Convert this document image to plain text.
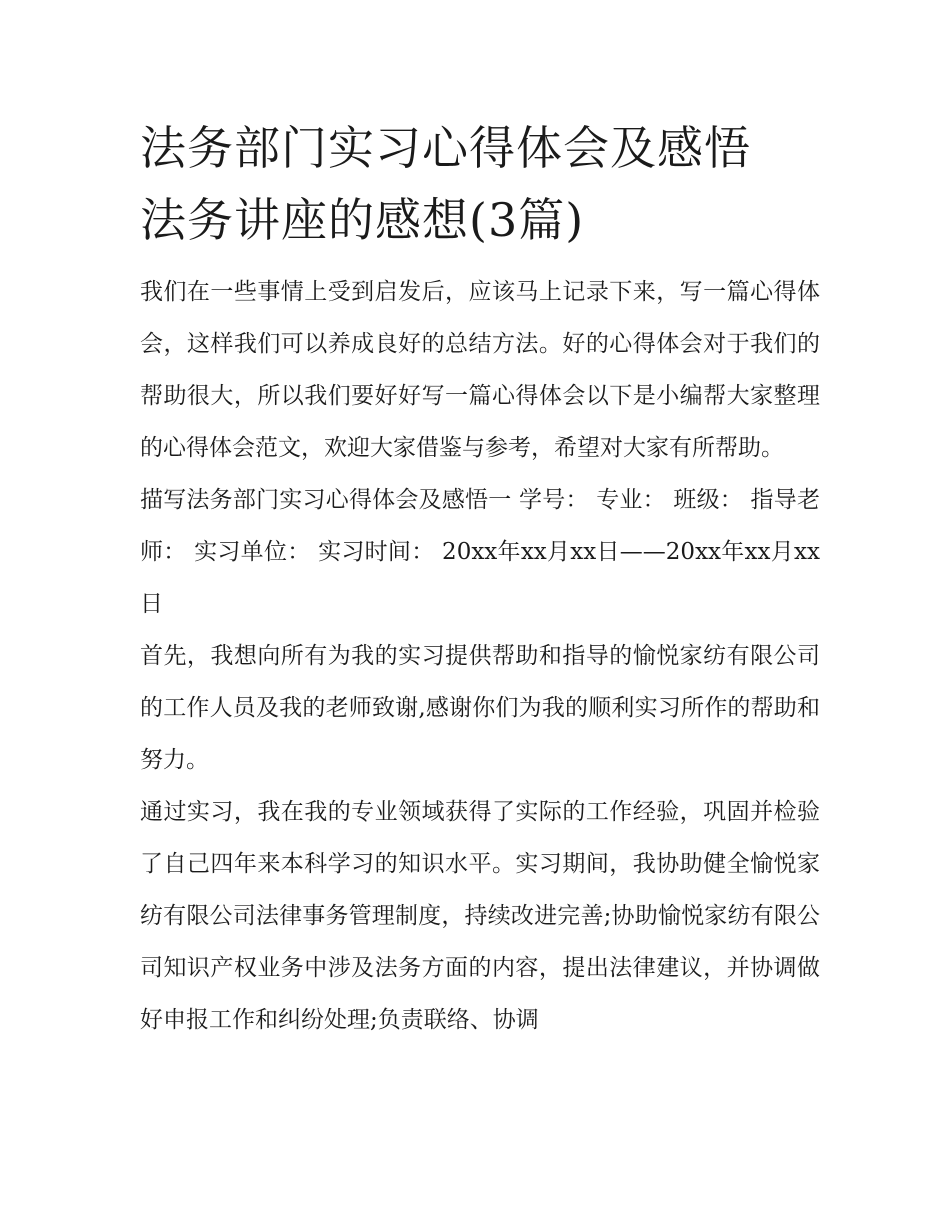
法务部门实习心得体会及感悟
法务讲座的感想(3篇)

我们在一些事情上受到启发后，应该马上记录下来，写一篇心得体会，这样我们可以养成良好的总结方法。好的心得体会对于我们的帮助很大，所以我们要好好写一篇心得体会以下是小编帮大家整理的心得体会范文，欢迎大家借鉴与参考，希望对大家有所帮助。

描写法务部门实习心得体会及感悟一 学号： 专业： 班级： 指导老师： 实习单位： 实习时间： 20xx年xx月xx日——20xx年xx月xx日

首先，我想向所有为我的实习提供帮助和指导的愉悦家纺有限公司的工作人员及我的老师致谢,感谢你们为我的顺利实习所作的帮助和努力。

通过实习，我在我的专业领域获得了实际的工作经验，巩固并检验了自己四年来本科学习的知识水平。实习期间，我协助健全愉悦家纺有限公司法律事务管理制度，持续改进完善;协助愉悦家纺有限公司知识产权业务中涉及法务方面的内容，提出法律建议，并协调做好申报工作和纠纷处理;负责联络、协调
